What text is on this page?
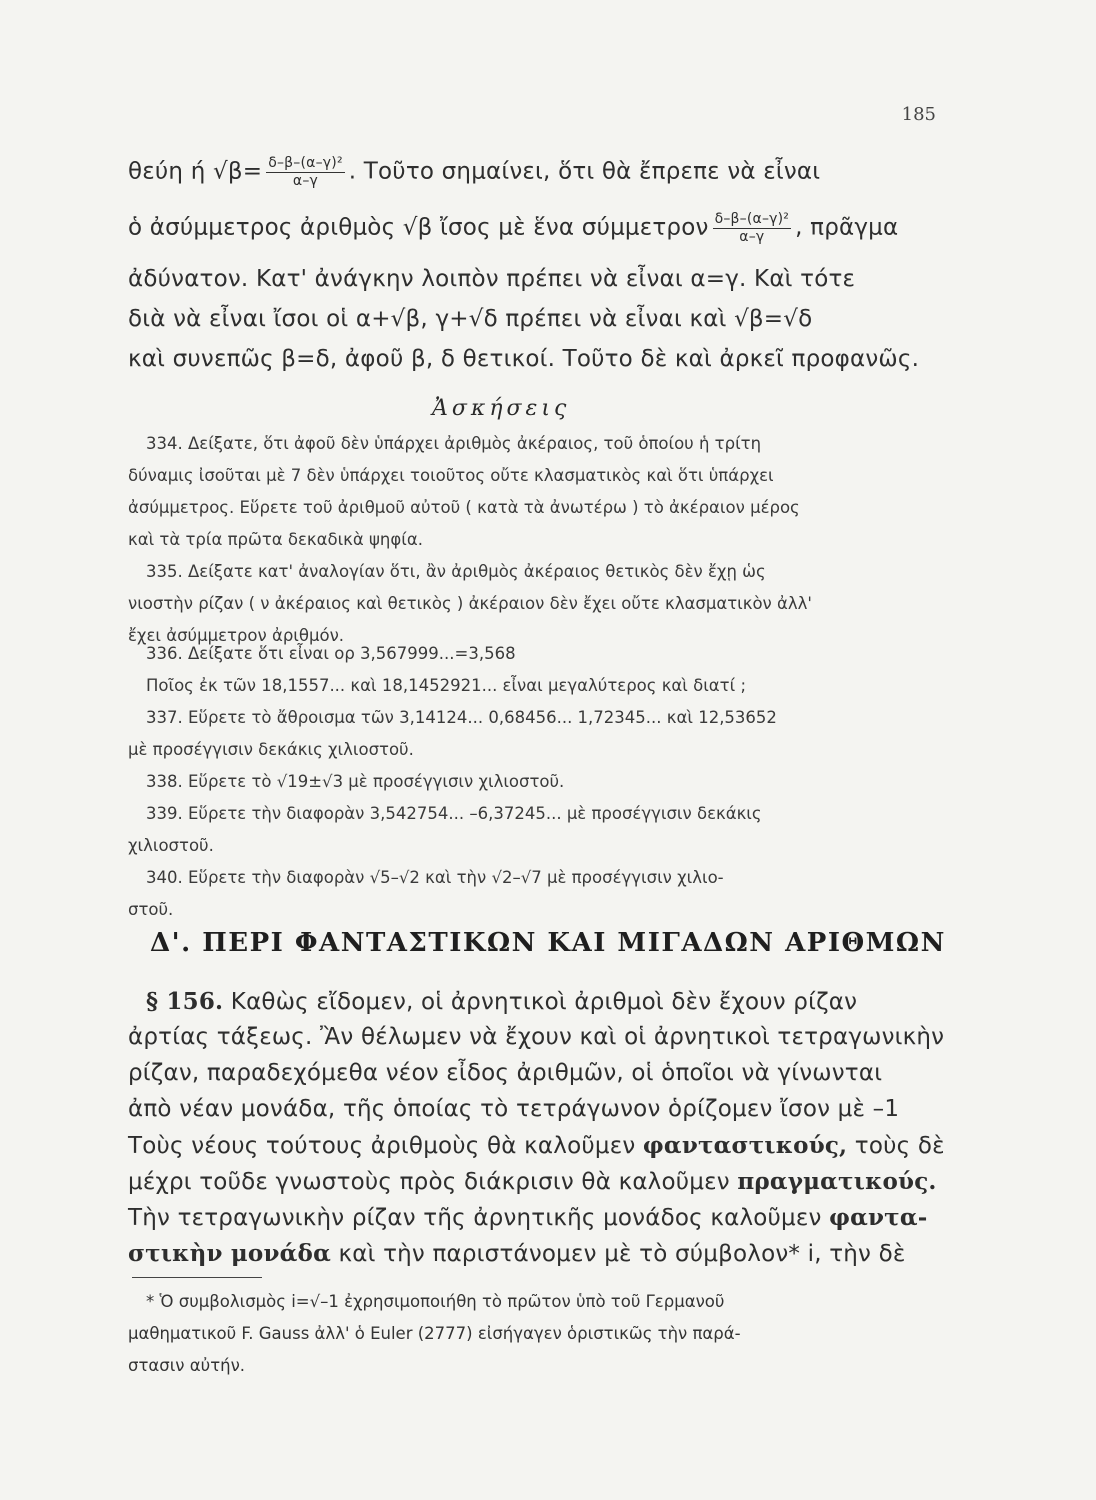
185
θεύη ή $√\beta= \frac{\text{δ–β–(α–γ)²}}{\alpha-\gamma}$ . Τοῦτο σημαίνει, ὅτι θὰ ἔπρεπε νὰ εἶναι
ὁ ἀσύμμετρος ἀριθμὸς √β ἴσος μὲ ἕνα σύμμετρον $\frac{\text{δ–β–(α–γ)²}}{\alpha-\gamma}$ , πρᾶγμα
ἀδύνατον. Κατ' ἀνάγκην λοιπὸν πρέπει νὰ εἶναι α=γ. Καὶ τότε
διὰ νὰ εἶναι ἴσοι οἱ α+√β, γ+√δ πρέπει νὰ εἶναι καὶ √β=√δ
καὶ συνεπῶς β=δ, ἀφοῦ β, δ θετικοί. Τοῦτο δὲ καὶ ἀρκεῖ προφανῶς.
Ἀσκήσεις
334. Δείξατε, ὅτι ἀφοῦ δὲν ὑπάρχει ἀριθμὸς ἀκέραιος, τοῦ ὁποίου ἡ τρίτη
δύναμις ἰσοῦται μὲ 7 δὲν ὑπάρχει τοιοῦτος οὔτε κλασματικὸς καὶ ὅτι ὑπάρχει
ἀσύμμετρος. Εὕρετε τοῦ ἀριθμοῦ αὐτοῦ ( κατὰ τὰ ἀνωτέρω ) τὸ ἀκέραιον μέρος
καὶ τὰ τρία πρῶτα δεκαδικὰ ψηφία.
335. Δείξατε κατ' ἀναλογίαν ὅτι, ἂν ἀριθμὸς ἀκέραιος θετικὸς δὲν ἔχῃ ὡς
νιοστὴν ρίζαν ( ν ἀκέραιος καὶ θετικὸς ) ἀκέραιον δὲν ἔχει οὔτε κλασματικὸν ἀλλ'
ἔχει ἀσύμμετρον ἀριθμόν.
336. Δείξατε ὅτι εἶναι ορ 3,567999...=3,568
Ποῖος ἐκ τῶν 18,1557... καὶ 18,1452921... εἶναι μεγαλύτερος καὶ διατί ;
337. Εὕρετε τὸ ἄθροισμα τῶν 3,14124... 0,68456... 1,72345... καὶ 12,53652
μὲ προσέγγισιν δεκάκις χιλιοστοῦ.
338. Εὕρετε τὸ √19±√3 μὲ προσέγγισιν χιλιοστοῦ.
339. Εὕρετε τὴν διαφορὰν 3,542754... –6,37245... μὲ προσέγγισιν δεκάκις
χιλιοστοῦ.
340. Εὕρετε τὴν διαφορὰν √5–√2 καὶ τὴν √2–√7 μὲ προσέγγισιν χιλιο-
στοῦ.
Δ'. ΠΕΡΙ ΦΑΝΤΑΣΤΙΚΩΝ ΚΑΙ ΜΙΓΑΔΩΝ ΑΡΙΘΜΩΝ
§ 156. Καθὼς εἴδομεν, οἱ ἀρνητικοὶ ἀριθμοὶ δὲν ἔχουν ρίζαν
ἀρτίας τάξεως. Ἂν θέλωμεν νὰ ἔχουν καὶ οἱ ἀρνητικοὶ τετραγωνικὴν
ρίζαν, παραδεχόμεθα νέον εἶδος ἀριθμῶν, οἱ ὁποῖοι νὰ γίνωνται
ἀπὸ νέαν μονάδα, τῆς ὁποίας τὸ τετράγωνον ὁρίζομεν ἴσον μὲ –1
Τοὺς νέους τούτους ἀριθμοὺς θὰ καλοῦμεν φανταστικούς, τοὺς δὲ
μέχρι τοῦδε γνωστοὺς πρὸς διάκρισιν θὰ καλοῦμεν πραγματικούς.
Τὴν τετραγωνικὴν ρίζαν τῆς ἀρνητικῆς μονάδος καλοῦμεν φαντα-
στικὴν μονάδα καὶ τὴν παριστάνομεν μὲ τὸ σύμβολον* i, τὴν δὲ
* Ὁ συμβολισμὸς i=√–1 ἐχρησιμοποιήθη τὸ πρῶτον ὑπὸ τοῦ Γερμανοῦ
μαθηματικοῦ F. Gauss ἀλλ' ὁ Euler (2777) εἰσήγαγεν ὁριστικῶς τὴν παρά-
στασιν αὐτήν.
